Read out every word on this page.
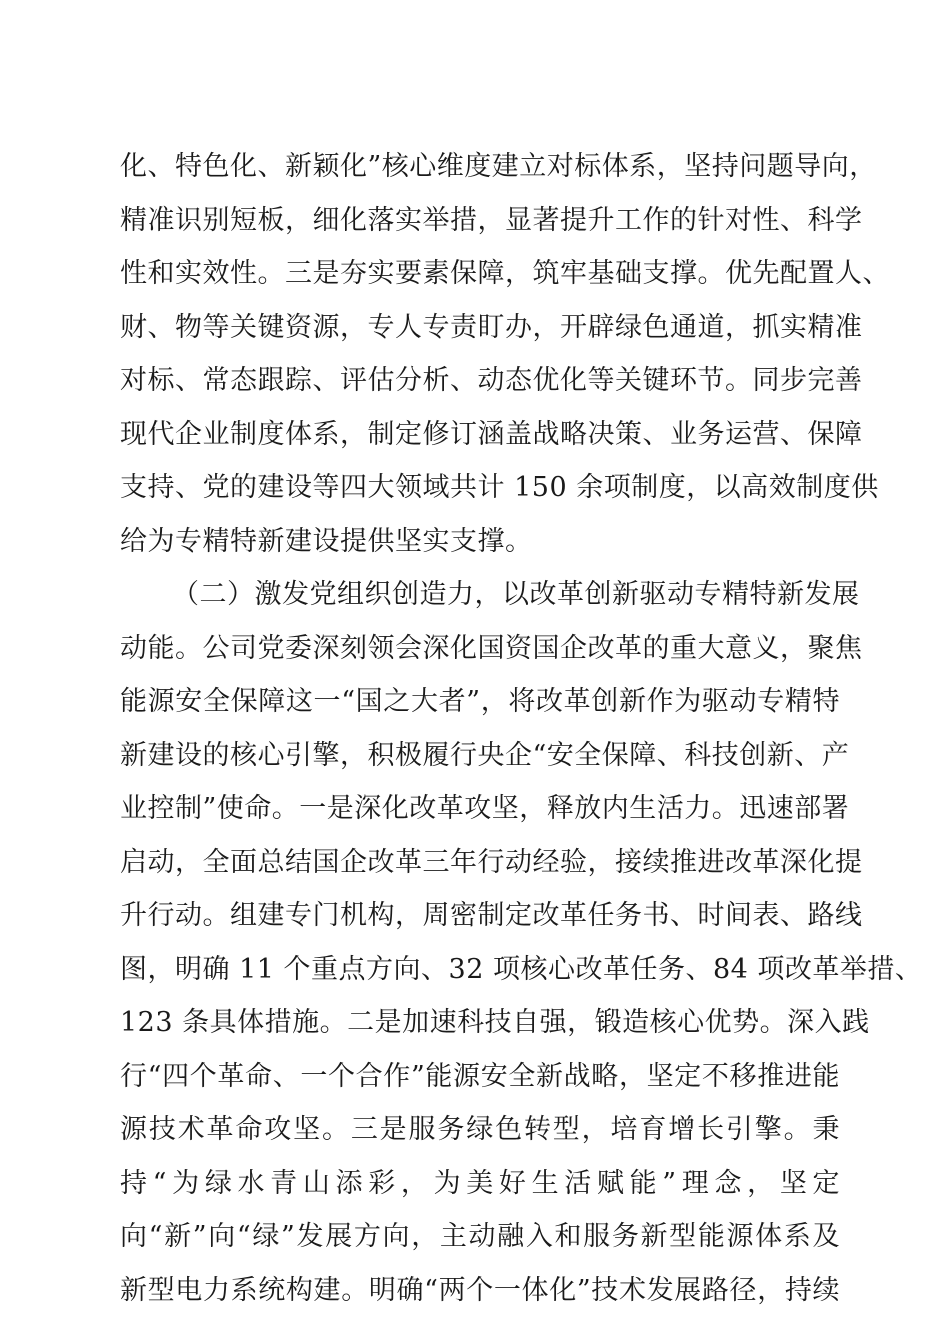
化、特色化、新颖化”核心维度建立对标体系，坚持问题导向，
精准识别短板，细化落实举措，显著提升工作的针对性、科学
性和实效性。三是夯实要素保障，筑牢基础支撑。优先配置人、
财、物等关键资源，专人专责盯办，开辟绿色通道，抓实精准
对标、常态跟踪、评估分析、动态优化等关键环节。同步完善
现代企业制度体系，制定修订涵盖战略决策、业务运营、保障
支持、党的建设等四大领域共计 150 余项制度，以高效制度供
给为专精特新建设提供坚实支撑。
（二）激发党组织创造力，以改革创新驱动专精特新发展
动能。公司党委深刻领会深化国资国企改革的重大意义，聚焦
能源安全保障这一“国之大者”，将改革创新作为驱动专精特
新建设的核心引擎，积极履行央企“安全保障、科技创新、产
业控制”使命。一是深化改革攻坚，释放内生活力。迅速部署
启动，全面总结国企改革三年行动经验，接续推进改革深化提
升行动。组建专门机构，周密制定改革任务书、时间表、路线
图，明确 11 个重点方向、32 项核心改革任务、84 项改革举措、
123 条具体措施。二是加速科技自强，锻造核心优势。深入践
行“四个革命、一个合作”能源安全新战略，坚定不移推进能
源技术革命攻坚。三是服务绿色转型，培育增长引擎。秉
持“为绿水青山添彩，为美好生活赋能”理念，坚定
向“新”向“绿”发展方向，主动融入和服务新型能源体系及
新型电力系统构建。明确“两个一体化”技术发展路径，持续
